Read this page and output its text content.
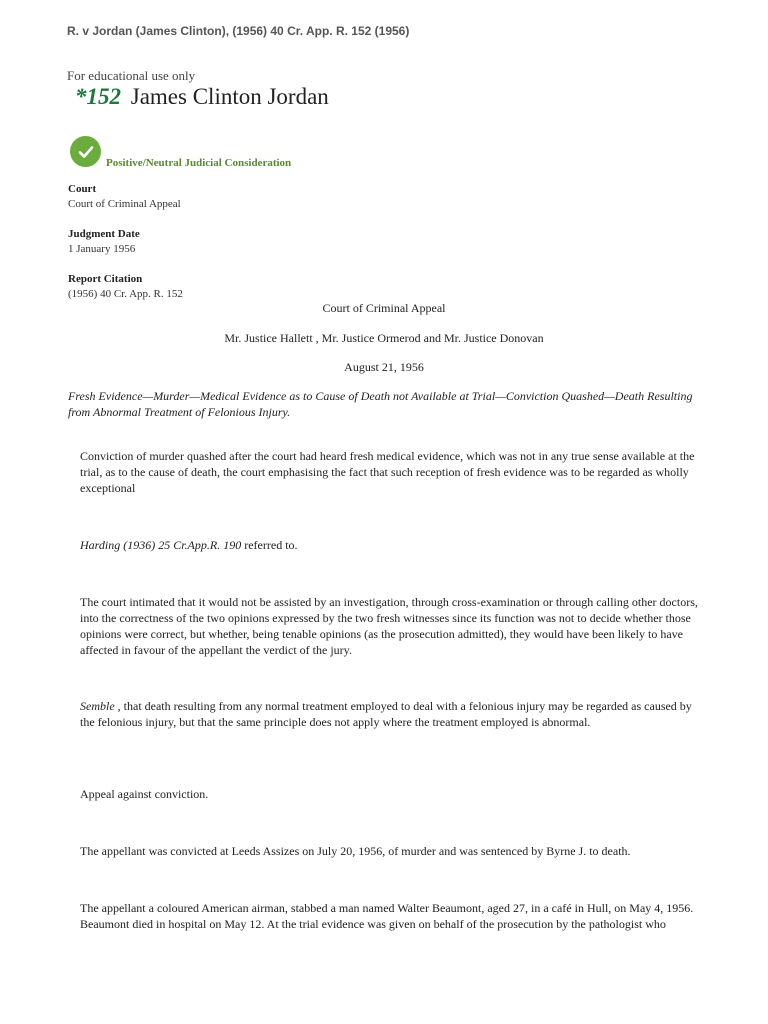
R. v Jordan (James Clinton), (1956) 40 Cr. App. R. 152 (1956)
For educational use only
*152 James Clinton Jordan
Positive/Neutral Judicial Consideration
Court
Court of Criminal Appeal
Judgment Date
1 January 1956
Report Citation
(1956) 40 Cr. App. R. 152
Court of Criminal Appeal
Mr. Justice Hallett , Mr. Justice Ormerod and Mr. Justice Donovan
August 21, 1956
Fresh Evidence—Murder—Medical Evidence as to Cause of Death not Available at Trial—Conviction Quashed—Death Resulting from Abnormal Treatment of Felonious Injury.
Conviction of murder quashed after the court had heard fresh medical evidence, which was not in any true sense available at the trial, as to the cause of death, the court emphasising the fact that such reception of fresh evidence was to be regarded as wholly exceptional
Harding (1936) 25 Cr.App.R. 190 referred to.
The court intimated that it would not be assisted by an investigation, through cross-examination or through calling other doctors, into the correctness of the two opinions expressed by the two fresh witnesses since its function was not to decide whether those opinions were correct, but whether, being tenable opinions (as the prosecution admitted), they would have been likely to have affected in favour of the appellant the verdict of the jury.
Semble , that death resulting from any normal treatment employed to deal with a felonious injury may be regarded as caused by the felonious injury, but that the same principle does not apply where the treatment employed is abnormal.
Appeal against conviction.
The appellant was convicted at Leeds Assizes on July 20, 1956, of murder and was sentenced by Byrne J. to death.
The appellant a coloured American airman, stabbed a man named Walter Beaumont, aged 27, in a café in Hull, on May 4, 1956. Beaumont died in hospital on May 12. At the trial evidence was given on behalf of the prosecution by the pathologist who
